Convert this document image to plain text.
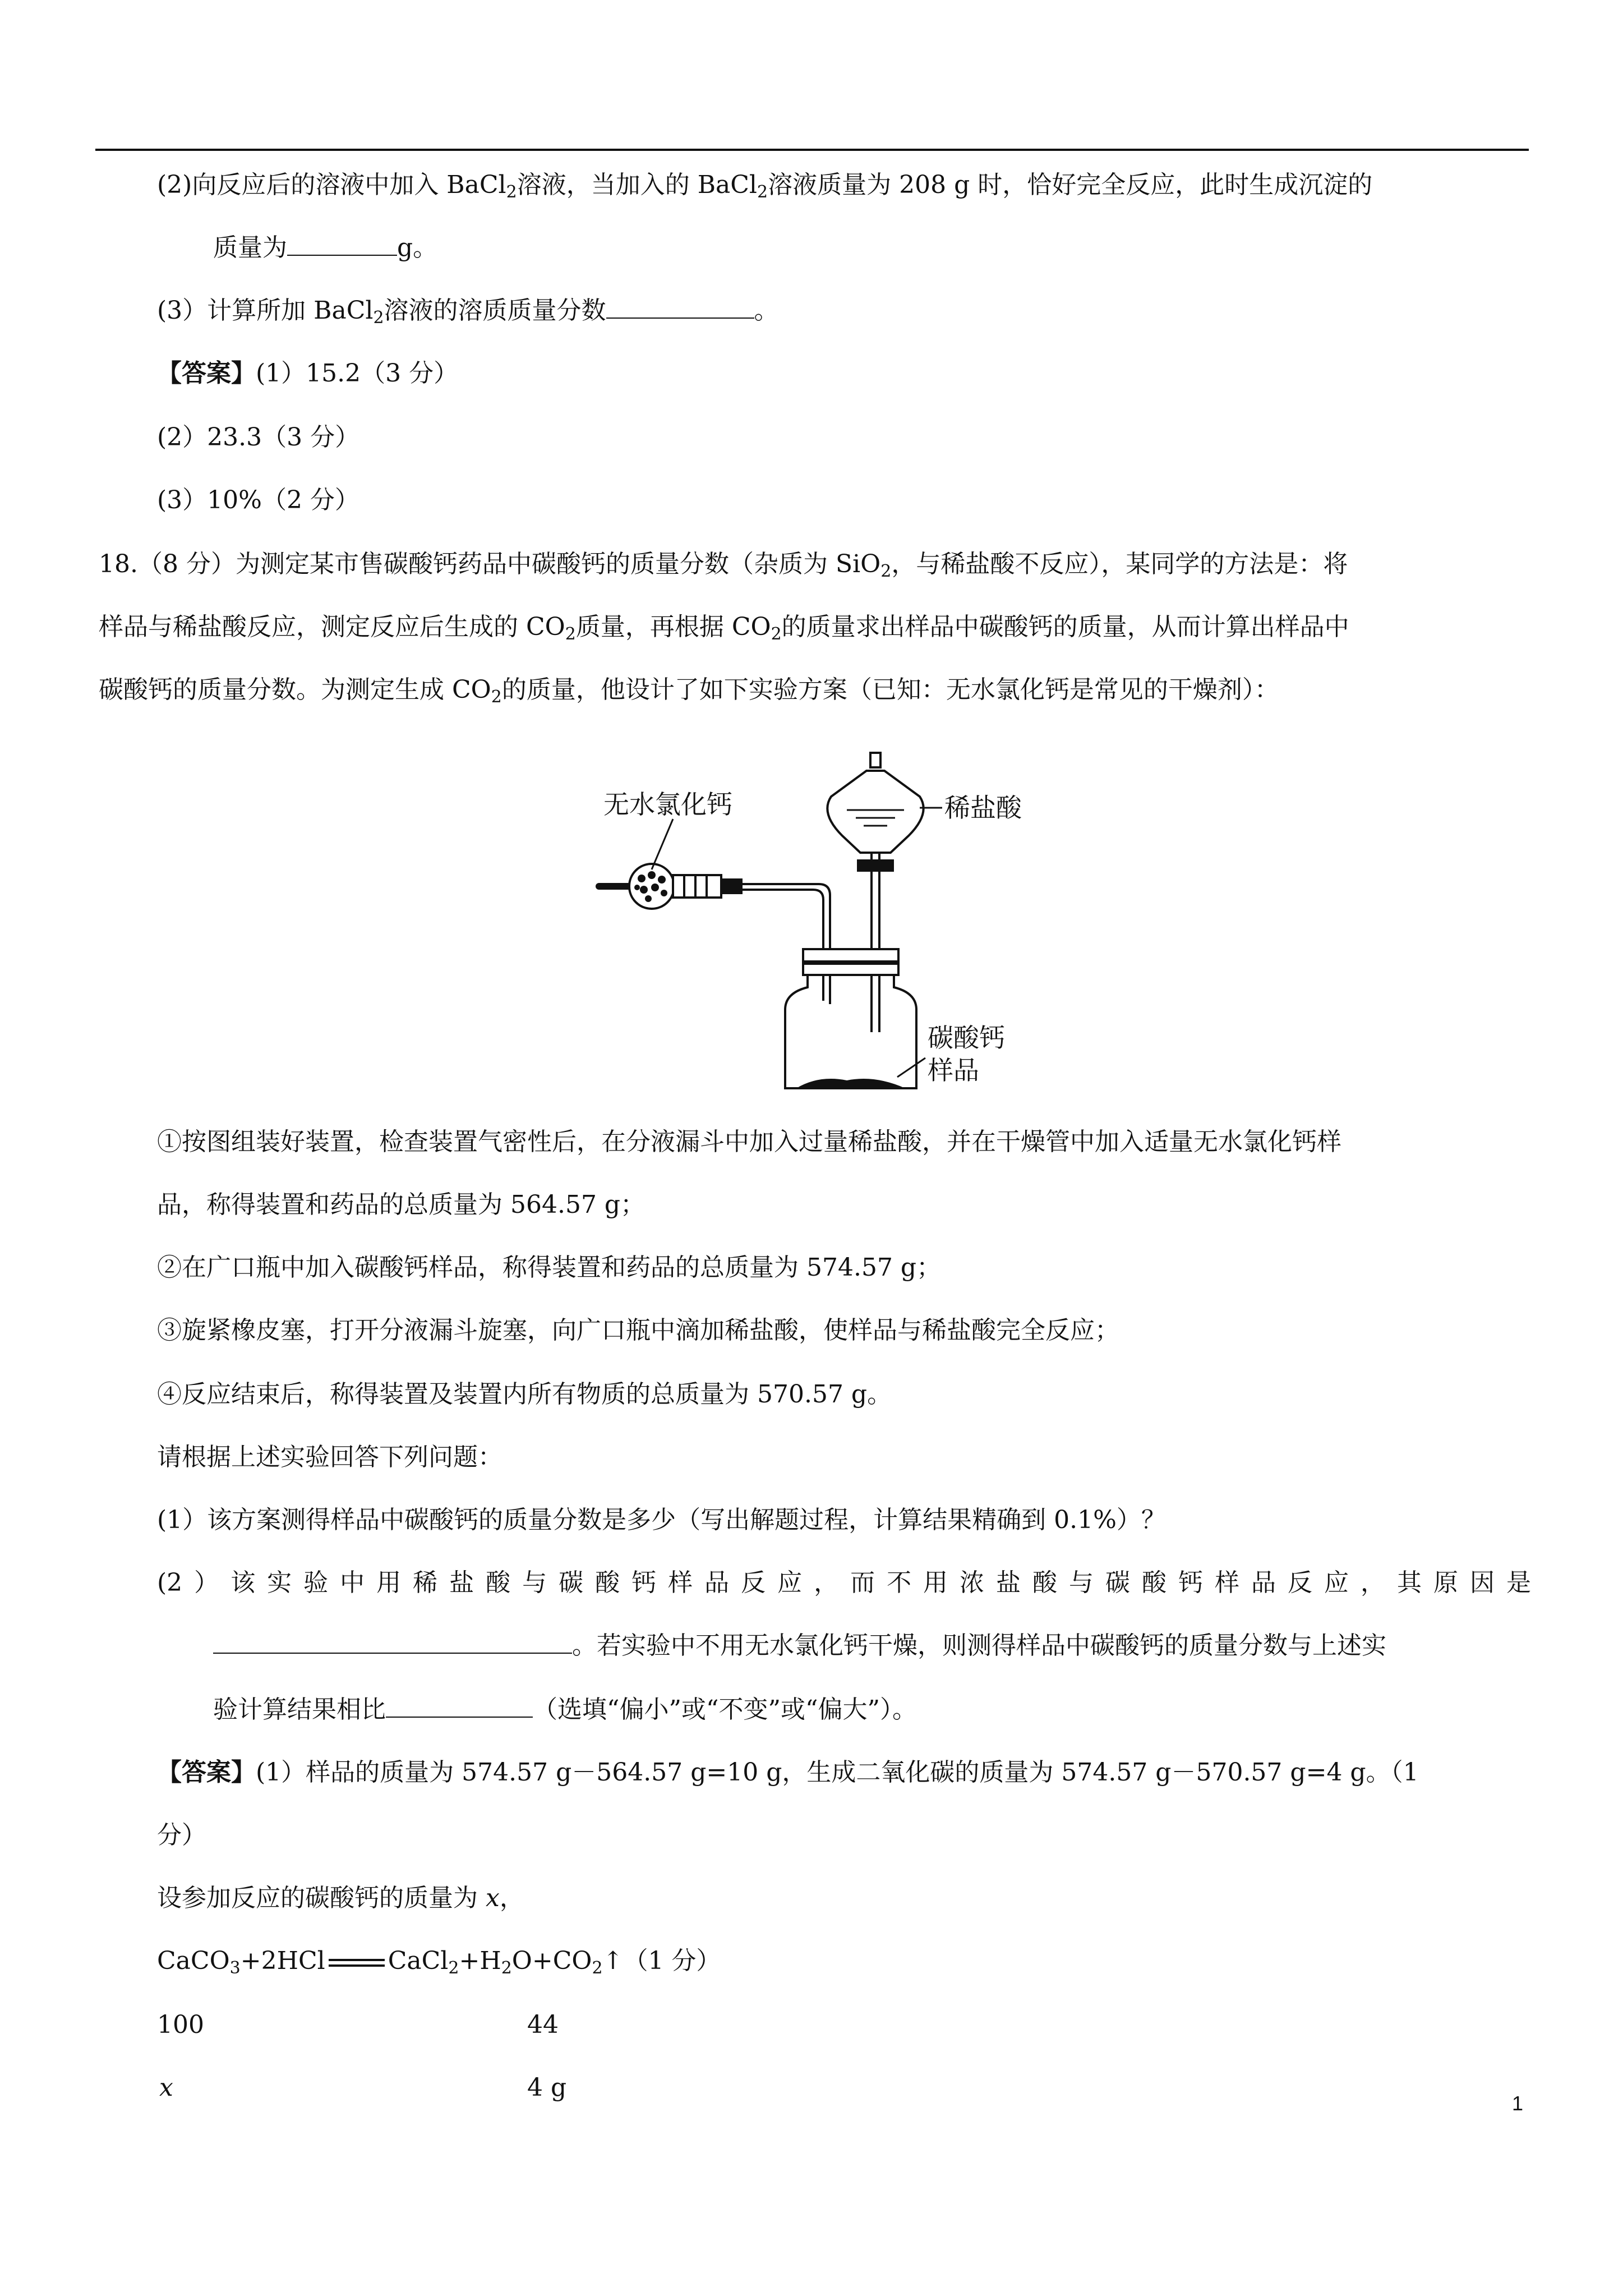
(2)向反应后的溶液中加入 BaCl$_2$溶液，当加入的 BaCl$_2$溶液质量为 208 g 时，恰好完全反应，此时生成沉淀的
质量为	g。
(3）计算所加 BaCl$_2$溶液的溶质质量分数	。
【答案】(1）15.2（3 分）
(2）23.3（3 分）
(3）10%（2 分）
18.（8 分）为测定某市售碳酸钙药品中碳酸钙的质量分数（杂质为 SiO$_2$，与稀盐酸不反应），某同学的方法是：将
样品与稀盐酸反应，测定反应后生成的 $CO_2$质量，再根据 $CO_2$的质量求出样品中碳酸钙的质量，从而计算出样品中
碳酸钙的质量分数。为测定生成 $CO_2$的质量，他设计了如下实验方案（已知：无水氯化钙是常见的干燥剂）：
无水氯化钙	稀盐酸
碳酸钙
样品
①按图组装好装置，检查装置气密性后，在分液漏斗中加入过量稀盐酸，并在干燥管中加入适量无水氯化钙样
品，称得装置和药品的总质量为 564.57 g；
②在广口瓶中加入碳酸钙样品，称得装置和药品的总质量为 574.57 g；
③旋紧橡皮塞，打开分液漏斗旋塞，向广口瓶中滴加稀盐酸，使样品与稀盐酸完全反应；
④反应结束后，称得装置及装置内所有物质的总质量为 570.57 g。
请根据上述实验回答下列问题：
(1）该方案测得样品中碳酸钙的质量分数是多少（写出解题过程，计算结果精确到 0.1%）？
(2）该实验中用稀盐酸与碳酸钙样品反应，而不用浓盐酸与碳酸钙样品反应，其原因是
。若实验中不用无水氯化钙干燥，则测得样品中碳酸钙的质量分数与上述实
验计算结果相比	（选填“偏小”或“不变”或“偏大”）。
【答案】(1）样品的质量为 574.57 g－564.57 g=10 g，生成二氧化碳的质量为 574.57 g－570.57 g=4 g。（1
分）
设参加反应的碳酸钙的质量为 x，
CaCO$_3$+2HCl	$CaCl_2+H_2O+CO_2↑(1$ 分）
100	44
x	4 g
1
